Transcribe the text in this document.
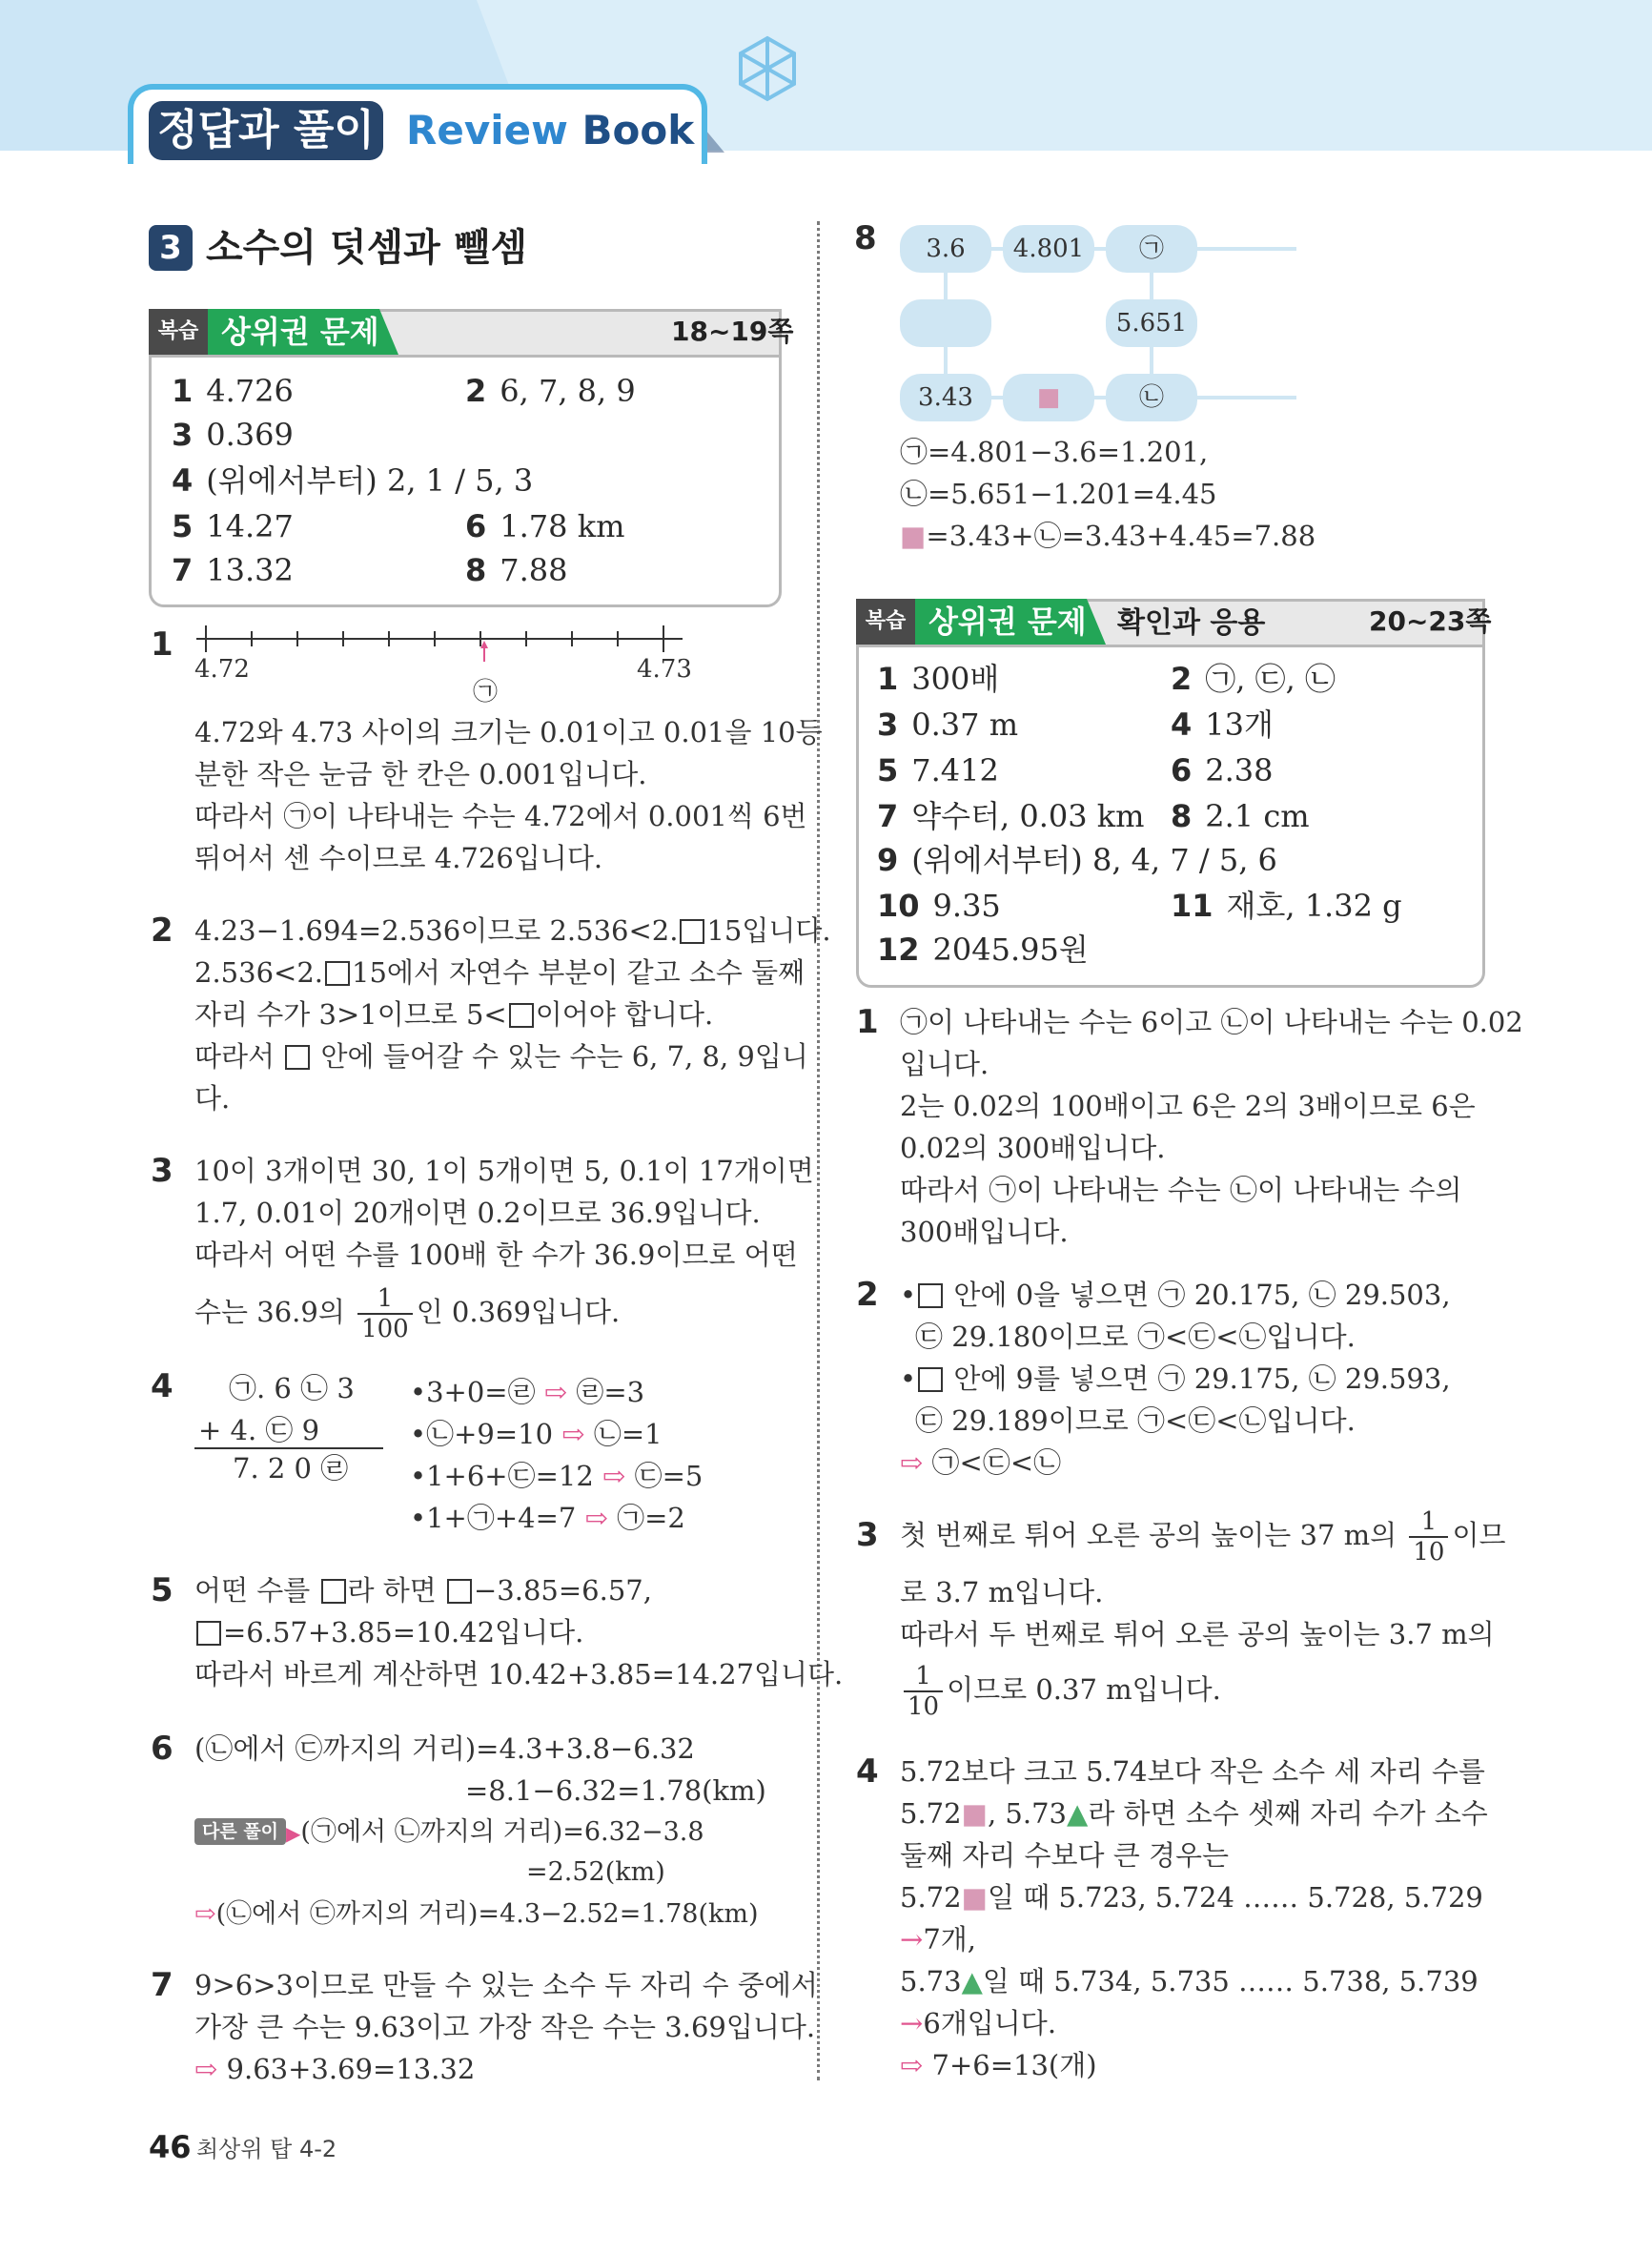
정답과 풀이 Review Book
3 소수의 덧셈과 뺄셈
복습 상위권 문제	18~19쪽
1 4.726	2 6, 7, 8, 9
3 0.369
4 (위에서부터) 2, 1 / 5, 3
5 14.27	6 1.78 km
7 13.32	8 7.88
1
4.72	4.73
㉠
4.72와 4.73 사이의 크기는 0.01이고 0.01을 10등
분한 작은 눈금 한 칸은 0.001입니다.
따라서 ㉠이 나타내는 수는 4.72에서 0.001씩 6번
뛰어서 센 수이므로 4.726입니다.
2 4.23−1.694=2.536이므로 2.536<2. 15입니다.
2.536<2. 15에서 자연수 부분이 같고 소수 둘째
자리 수가 3>1이므로 5< 이어야 합니다.
따라서  안에 들어갈 수 있는 수는 6, 7, 8, 9입니
다.
3 10이 3개이면 30, 1이 5개이면 5, 0.1이 17개이면
1.7, 0.01이 20개이면 0.2이므로 36.9입니다.
따라서 어떤 수를 100배 한 수가 36.9이므로 어떤
수는 36.9의 $\frac{1}{100}$ 인 0.369입니다.
4 ㉠. 6 ㉡ 3
+ 4. ㉢ 9
7. 2 0 ㉣
•3+0=㉣ ⇨ ㉣=3
•㉡+9=10 ⇨ ㉡=1
•1+6+㉢=12 ⇨ ㉢=5
•1+㉠+4=7 ⇨ ㉠=2
5 어떤 수를 라 하면 −3.85=6.57,
=6.57+3.85=10.42입니다.
따라서 바르게 계산하면 10.42+3.85=14.27입니다.
6 (㉡에서 ㉢까지의 거리)=4.3+3.8−6.32
=8.1−6.32=1.78(km)
다른 풀이 ▶(㉠에서 ㉡까지의 거리)=6.32−3.8
=2.52(km)
⇨(㉡에서 ㉢까지의 거리)=4.3−2.52=1.78(km)
7 9>6>3이므로 만들 수 있는 소수 두 자리 수 중에서
가장 큰 수는 9.63이고 가장 작은 수는 3.69입니다.
⇨ 9.63+3.69=13.32
8	3.6	4.801	㉠
5.651
3.43	■	㉡
㉠=4.801−3.6=1.201,
㉡=5.651−1.201=4.45
■=3.43+㉡=3.43+4.45=7.88
복습 상위권 문제	확인과 응용	20~23쪽
1 300배	2 ㉠, ㉢, ㉡
3 0.37 m	4 13개
5 7.412	6 2.38
7 약수터, 0.03 km 8 2.1 cm
9 (위에서부터) 8, 4, 7 / 5, 6
10 9.35	11 재호, 1.32 g
12 2045.95원
1 ㉠이 나타내는 수는 6이고 ㉡이 나타내는 수는 0.02
입니다.
2는 0.02의 100배이고 6은 2의 3배이므로 6은
0.02의 300배입니다.
따라서 ㉠이 나타내는 수는 ㉡이 나타내는 수의
300배입니다.
2 • 안에 0을 넣으면 ㉠ 20.175, ㉡ 29.503,
㉢ 29.180이므로 ㉠<㉢<㉡입니다.
• 안에 9를 넣으면 ㉠ 29.175, ㉡ 29.593,
㉢ 29.189이므로 ㉠<㉢<㉡입니다.
⇨ ㉠<㉢<㉡
3 첫 번째로 튀어 오른 공의 높이는 37 m의 $\frac{1}{10}$ 이므
로 3.7 m입니다.
따라서 두 번째로 튀어 오른 공의 높이는 3.7 m의
$\frac{1}{10}$ 이므로 0.37 m입니다.
4 5.72보다 크고 5.74보다 작은 소수 세 자리 수를
5.72■, 5.73▲라 하면 소수 셋째 자리 수가 소수
둘째 자리 수보다 큰 경우는
5.72■일 때 5.723, 5.724 …… 5.728, 5.729
→7개,
5.73▲일 때 5.734, 5.735 …… 5.738, 5.739
→6개입니다.
⇨ 7+6=13(개)
46 최상위 탑 4-2
